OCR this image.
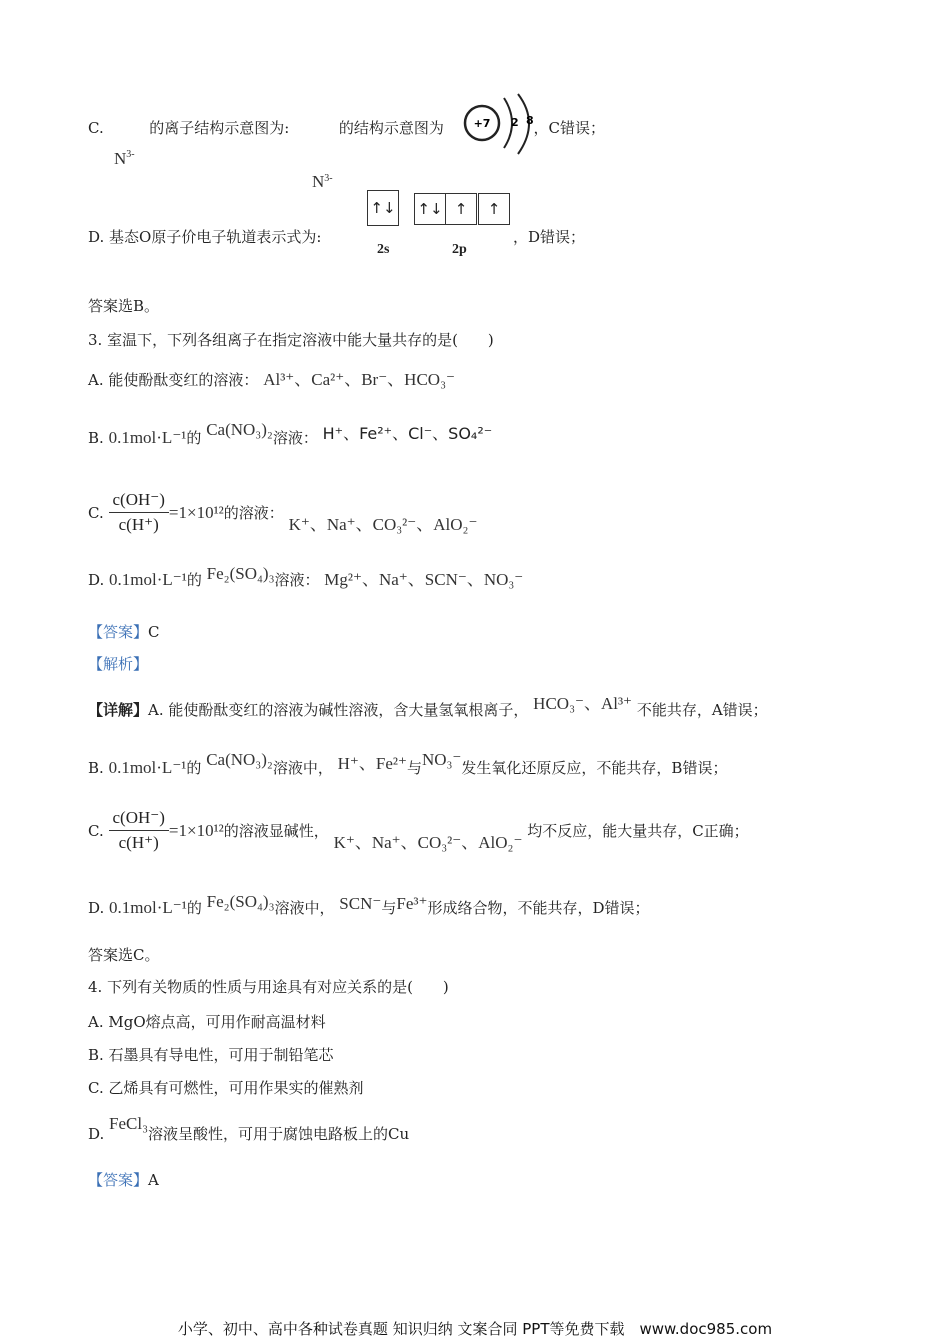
C.	的离子结构示意图为:	的结构示意图为	，C错误；
$N^{3-}$
$N^{3-}$
+7 2 8
D. 基态O原子价电子轨道表示式为:
↑↓ ↑↓ ↑	↑
2s	2p
，D错误；
答案选B。
3. 室温下，下列各组离子在指定溶液中能大量共存的是(　　)
A. 能使酚酞变红的溶液： Al³⁺、Ca²⁺、Br⁻、HCO₃⁻
B. 0.1mol·L⁻¹的 Ca(NO₃)₂溶液： H⁺、Fe²⁺、Cl⁻、SO₄²⁻
C. $\frac{c(OH^-)}{c(H^+)} =1\times 10^{12}$的溶液： K⁺、Na⁺、CO₃²⁻、AlO₂⁻
D. 0.1mol·L⁻¹的 Fe₂(SO₄)₃溶液： Mg²⁺、Na⁺、SCN⁻、NO₃⁻
【答案】C
【解析】
【详解】A. 能使酚酞变红的溶液为碱性溶液，含大量氢氧根离子， HCO₃⁻、Al³⁺ 不能共存，A错误；
B. 0.1mol·L⁻¹的 Ca(NO₃)₂溶液中， H⁺、Fe²⁺与NO₃⁻发生氧化还原反应，不能共存，B错误；
C. $\frac{c(OH^-)}{c(H^+)} =1\times 10^{12}$的溶液显碱性， K⁺、Na⁺、CO₃²⁻、AlO₂⁻ 均不反应，能大量共存，C正确；
D. 0.1mol·L⁻¹的 Fe₂(SO₄)₃溶液中， SCN⁻与Fe³⁺形成络合物，不能共存，D错误；
答案选C。
4. 下列有关物质的性质与用途具有对应关系的是(　　)
A. MgO熔点高，可用作耐高温材料
B. 石墨具有导电性，可用于制铅笔芯
C. 乙烯具有可燃性，可用作果实的催熟剂
D. FeCl₃溶液呈酸性，可用于腐蚀电路板上的Cu
【答案】A
小学、初中、高中各种试卷真题 知识归纳 文案合同 PPT等免费下载　www.doc985.com
